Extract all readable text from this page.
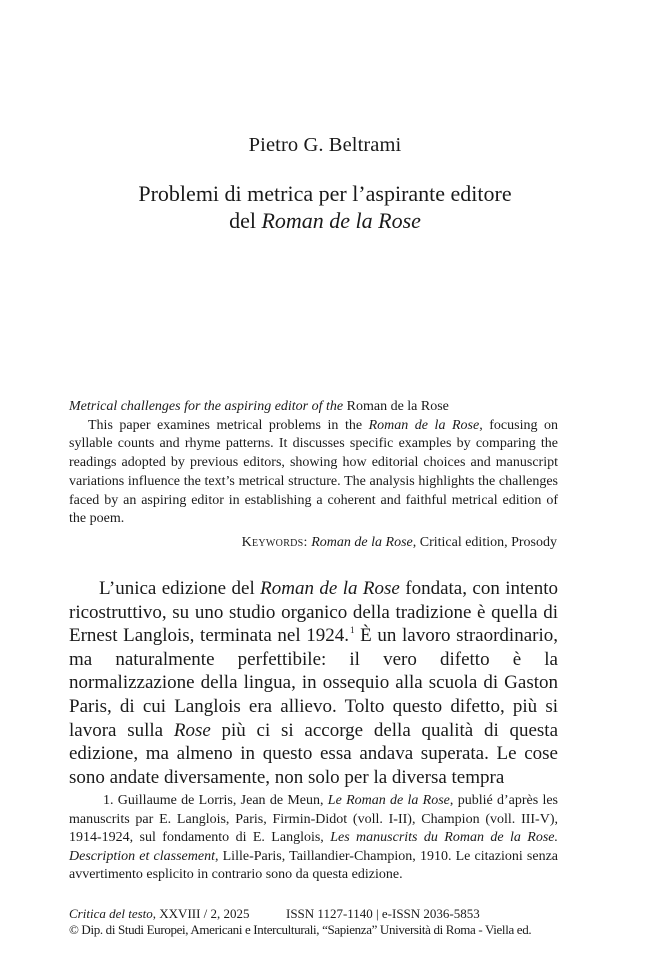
Pietro G. Beltrami
Problemi di metrica per l’aspirante editore
del Roman de la Rose
Metrical challenges for the aspiring editor of the Roman de la Rose

This paper examines metrical problems in the Roman de la Rose, focusing on syllable counts and rhyme patterns. It discusses specific examples by comparing the readings adopted by previous editors, showing how editorial choices and manuscript variations influence the text’s metrical structure. The analysis highlights the challenges faced by an aspiring editor in establishing a coherent and faithful metrical edition of the poem.

Keywords: Roman de la Rose, Critical edition, Prosody

L’unica edizione del Roman de la Rose fondata, con intento ricostruttivo, su uno studio organico della tradizione è quella di Ernest Langlois, terminata nel 1924.$^1$ È un lavoro straordinario, ma naturalmente perfettibile: il vero difetto è la normalizzazione della lingua, in ossequio alla scuola di Gaston Paris, di cui Langlois era allievo. Tolto questo difetto, più si lavora sulla Rose più ci si accorge della qualità di questa edizione, ma almeno in questo essa andava superata. Le cose sono andate diversamente, non solo per la diversa tempra

1. Guillaume de Lorris, Jean de Meun, Le Roman de la Rose, publié d’après les manuscrits par E. Langlois, Paris, Firmin-Didot (voll. I-II), Champion (voll. III-V), 1914-1924, sul fondamento di E. Langlois, Les manuscrits du Roman de la Rose. Description et classement, Lille-Paris, Taillandier-Champion, 1910. Le citazioni senza avvertimento esplicito in contrario sono da questa edizione.

Critica del testo, XXVIII / 2, 2025	ISSN 1127-1140 | e-ISSN 2036-5853
© Dip. di Studi Europei, Americani e Interculturali, “Sapienza” Università di Roma - Viella ed.
